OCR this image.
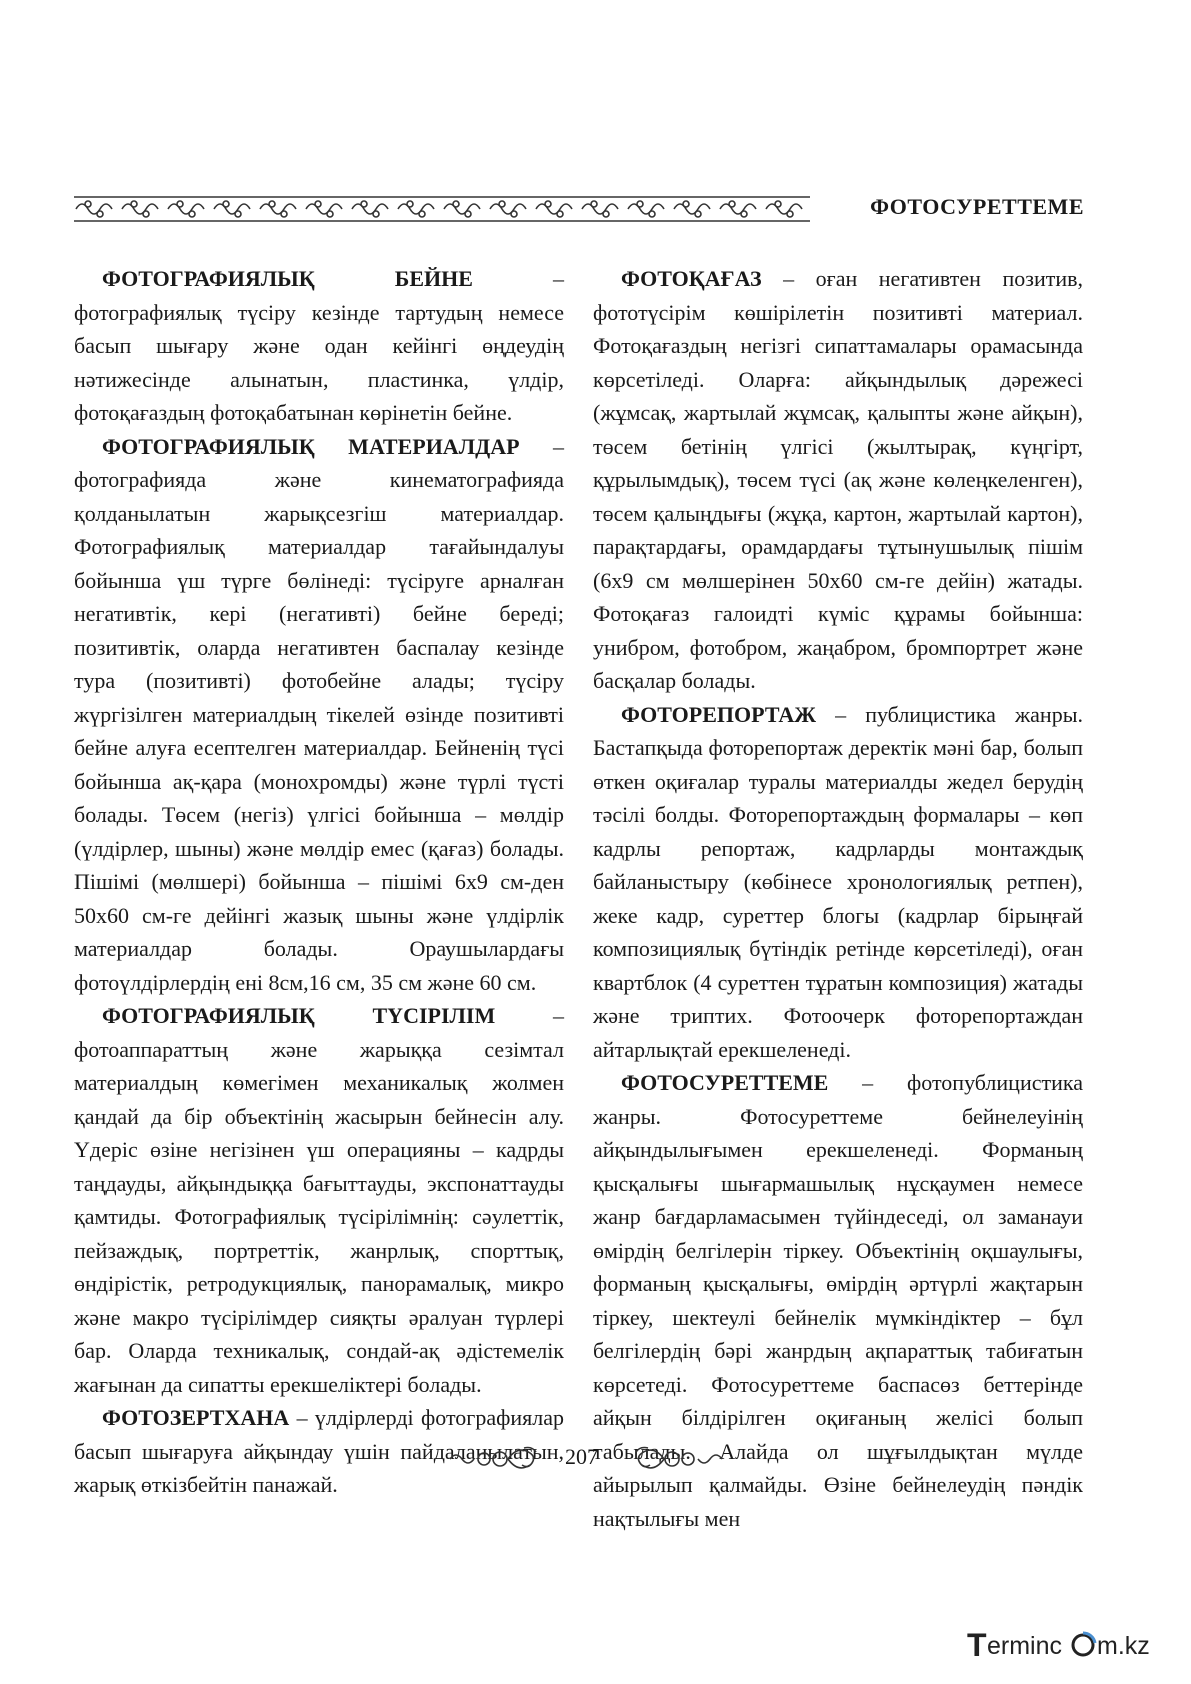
ФОТОСУРЕТТЕМЕ

ФОТОГРАФИЯЛЫҚ БЕЙНЕ – фотографиялық түсіру кезінде тартудың немесе басып шығару және одан кейінгі өңдеудің нәтижесінде алынатын, пластинка, үлдір, фотоқағаздың фотоқабатынан көрінетін бейне.

ФОТОГРАФИЯЛЫҚ МАТЕРИАЛДАР – фотографияда және кинематографияда қолданылатын жарықсезгіш материалдар. Фотографиялық материалдар тағайындалуы бойынша үш түрге бөлінеді: түсіруге арналған негативтік, кері (негативті) бейне береді; позитивтік, оларда негативтен баспалау кезінде тура (позитивті) фотобейне алады; түсіру жүргізілген материалдың тікелей өзінде позитивті бейне алуға есептелген материалдар. Бейненің түсі бойынша ақ-қара (монохромды) және түрлі түсті болады. Төсем (негіз) үлгісі бойынша – мөлдір (үлдірлер, шыны) және мөлдір емес (қағаз) болады. Пішімі (мөлшері) бойынша – пішімі 6x9 см-ден 50x60 см-ге дейінгі жазық шыны және үлдірлік материалдар болады. Ораушылардағы фотоүлдірлердің ені 8см,16 см, 35 см және 60 см.

ФОТОГРАФИЯЛЫҚ ТҮСІРІЛІМ – фотоаппараттың және жарыққа сезімтал материалдың көмегімен механикалық жолмен қандай да бір объектінің жасырын бейнесін алу. Үдеріс өзіне негізінен үш операцияны – кадрды таңдауды, айқындыққа бағыттауды, экспонаттауды қамтиды. Фотографиялық түсірілімнің: сәулеттік, пейзаждық, портреттік, жанрлық, спорттық, өндірістік, ретродукциялық, панорамалық, микро және макро түсірілімдер сияқты әралуан түрлері бар. Оларда техникалық, сондай-ақ әдістемелік жағынан да сипатты ерекшеліктері болады.

ФОТОЗЕРТХАНА – үлдірлерді фотографиялар басып шығаруға айқындау үшін пайдаланылатын, жарық өткізбейтін панажай.

ФОТОҚАҒАЗ – оған негативтен позитив, фототүсірім көшірілетін позитивті материал. Фотоқағаздың негізгі сипаттамалары орамасында көрсетіледі. Оларға: айқындылық дәрежесі (жұмсақ, жартылай жұмсақ, қалыпты және айқын), төсем бетінің үлгісі (жылтырақ, күңгірт, құрылымдық), төсем түсі (ақ және көлеңкеленген), төсем қалыңдығы (жұқа, картон, жартылай картон), парақтардағы, орамдардағы тұтынушылық пішім (6x9 см мөлшерінен 50x60 см-ге дейін) жатады. Фотоқағаз галоидті күміс құрамы бойынша: унибром, фотобром, жаңабром, бромпортрет және басқалар болады.

ФОТОРЕПОРТАЖ – публицистика жанры. Бастапқыда фоторепортаж деректік мәні бар, болып өткен оқиғалар туралы материалды жедел берудің тәсілі болды. Фоторепортаждың формалары – көп кадрлы репортаж, кадрларды монтаждық байланыстыру (көбінесе хронологиялық ретпен), жеке кадр, суреттер блогы (кадрлар бірыңғай композициялық бүтіндік ретінде көрсетіледі), оған квартблок (4 суреттен тұратын композиция) жатады және триптих. Фотоочерк фоторепортаждан айтарлықтай ерекшеленеді.

ФОТОСУРЕТТЕМЕ – фотопублицистика жанры. Фотосуреттеме бейнелеуінің айқындылығымен ерекшеленеді. Форманың қысқалығы шығармашылық нұсқаумен немесе жанр бағдарламасымен түйіндеседі, ол заманауи өмірдің белгілерін тіркеу. Объектінің оқшаулығы, форманың қысқалығы, өмірдің әртүрлі жақтарын тіркеу, шектеулі бейнелік мүмкіндіктер – бұл белгілердің бәрі жанрдың ақпараттық табиғатын көрсетеді. Фотосуреттеме баспасөз беттерінде айқын білдірілген оқиғаның желісі болып табылады. Алайда ол шұғылдықтан мүлде айырылып қалмайды. Өзіне бейнелеудің пәндік нақтылығы мен

207
T erminc m.kz
